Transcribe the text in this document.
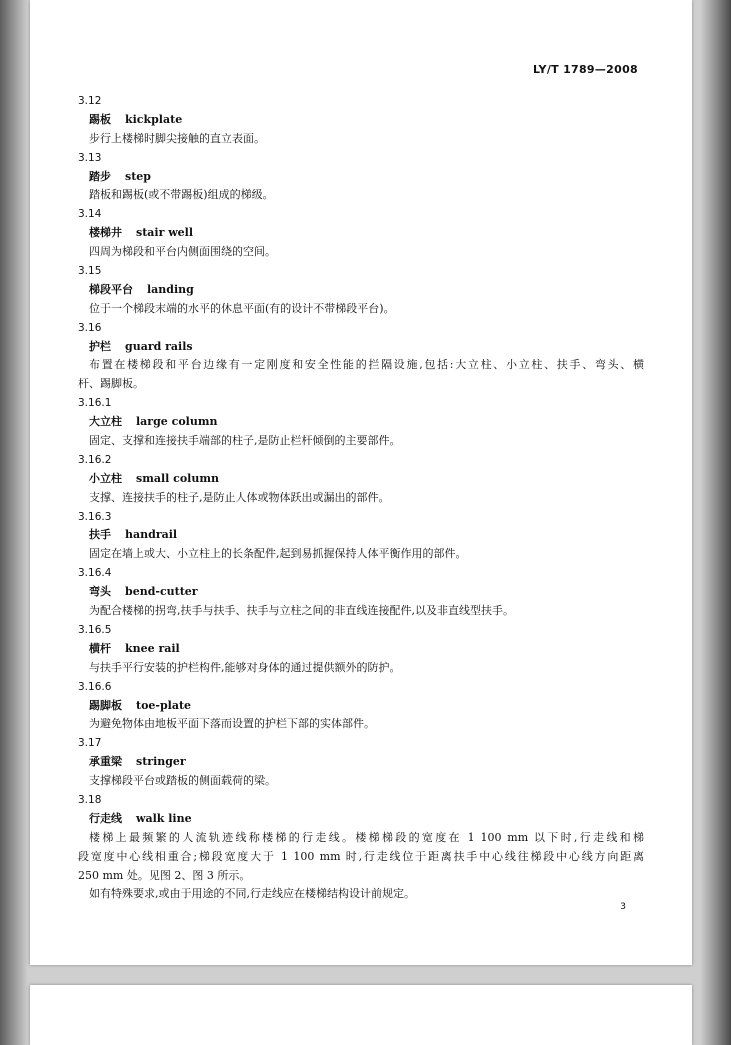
LY/T 1789—2008
3.12
踢板 kickplate
步行上楼梯时脚尖接触的直立表面。
3.13
踏步 step
踏板和踢板(或不带踢板)组成的梯级。
3.14
楼梯井 stair well
四周为梯段和平台内侧面围绕的空间。
3.15
梯段平台 landing
位于一个梯段末端的水平的休息平面(有的设计不带梯段平台)。
3.16
护栏 guard rails
布置在楼梯段和平台边缘有一定刚度和安全性能的拦隔设施,包括:大立柱、小立柱、扶手、弯头、横
杆、踢脚板。
3.16.1
大立柱 large column
固定、支撑和连接扶手端部的柱子,是防止栏杆倾倒的主要部件。
3.16.2
小立柱 small column
支撑、连接扶手的柱子,是防止人体或物体跃出或漏出的部件。
3.16.3
扶手 handrail
固定在墙上或大、小立柱上的长条配件,起到易抓握保持人体平衡作用的部件。
3.16.4
弯头 bend-cutter
为配合楼梯的拐弯,扶手与扶手、扶手与立柱之间的非直线连接配件,以及非直线型扶手。
3.16.5
横杆 knee rail
与扶手平行安装的护栏构件,能够对身体的通过提供额外的防护。
3.16.6
踢脚板 toe-plate
为避免物体由地板平面下落而设置的护栏下部的实体部件。
3.17
承重梁 stringer
支撑梯段平台或踏板的侧面载荷的梁。
3.18
行走线 walk line
楼梯上最频繁的人流轨迹线称楼梯的行走线。楼梯梯段的宽度在 1 100 mm 以下时,行走线和梯
段宽度中心线相重合;梯段宽度大于 1 100 mm 时,行走线位于距离扶手中心线往梯段中心线方向距离
250 mm 处。见图 2、图 3 所示。
如有特殊要求,或由于用途的不同,行走线应在楼梯结构设计前规定。
3
